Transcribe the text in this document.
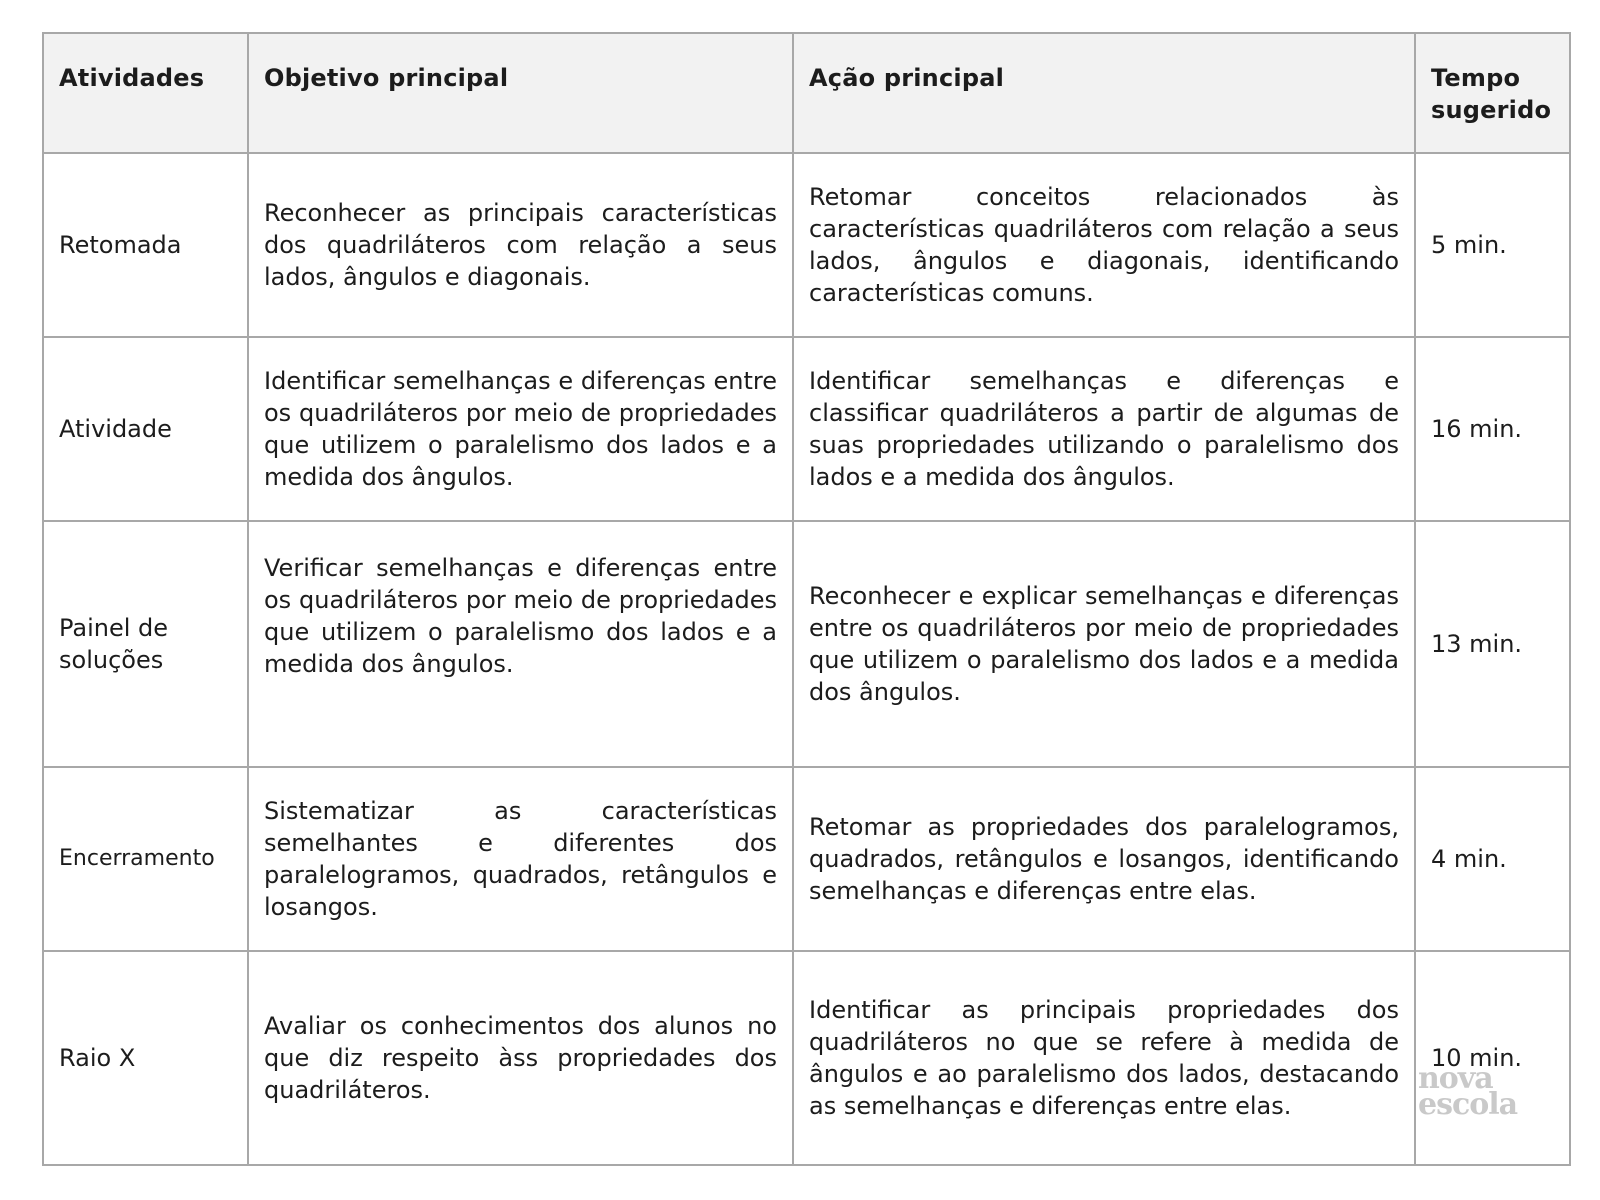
Atividades	Objetivo principal	Ação principal	Tempo
sugerido

Retomada	Reconhecer as principais características dos quadriláteros com relação a seus lados, ângulos e diagonais.	Retomar conceitos relacionados às características quadriláteros com relação a seus lados, ângulos e diagonais, identificando características comuns.	5 min.
Atividade	Identificar semelhanças e diferenças entre os quadriláteros por meio de propriedades que utilizem o paralelismo dos lados e a medida dos ângulos.	Identificar semelhanças e diferenças e classificar quadriláteros a partir de algumas de suas propriedades utilizando o paralelismo dos lados e a medida dos ângulos.	16 min.
Painel de soluções	Verificar semelhanças e diferenças entre os quadriláteros por meio de propriedades que utilizem o paralelismo dos lados e a medida dos ângulos.	Reconhecer e explicar semelhanças e diferenças entre os quadriláteros por meio de propriedades que utilizem o paralelismo dos lados e a medida dos ângulos.	13 min.
Encerramento	Sistematizar as características semelhantes e diferentes dos paralelogramos, quadrados, retângulos e losangos.	Retomar as propriedades dos paralelogramos, quadrados, retângulos e losangos, identificando semelhanças e diferenças entre elas.	4 min.
Raio X	Avaliar os conhecimentos dos alunos no que diz respeito àss propriedades dos quadriláteros.	Identificar as principais propriedades dos quadriláteros no que se refere à medida de ângulos e ao paralelismo dos lados, destacando as semelhanças e diferenças entre elas.	10 min.
nova
escola
